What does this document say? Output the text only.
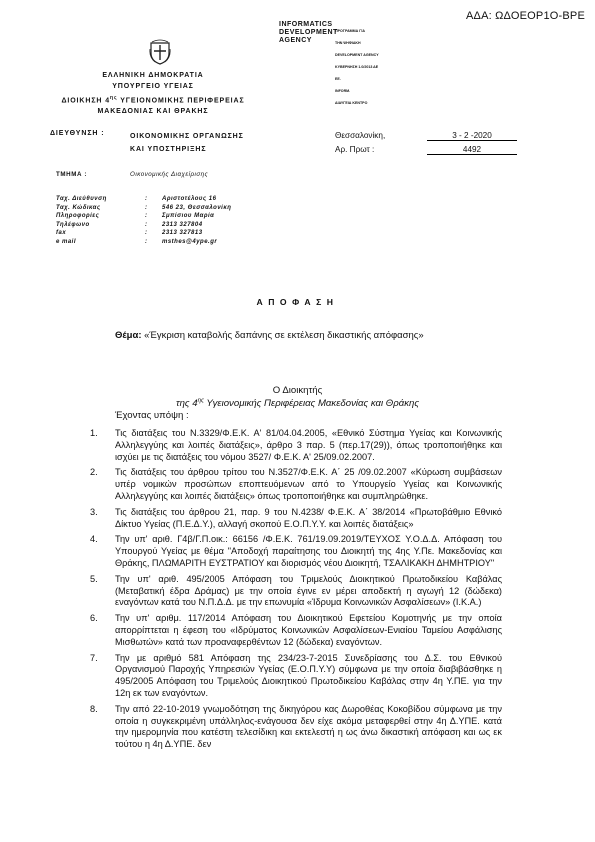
ΑΔΑ: ΩΔΟΕΟΡ1Ο-ΒΡΕ
INFORMATICS
DEVELOPMENT
AGENCY

ΠΡΟΓΡΑΜΜΑ ΓΙΑ

ΤΗΝ ΨΗΦΙΑΚΗ

DEVELOPMENT AGENCY

ΚΥΒΕΡΝΗΣΗ 1.0/2013 ΔΕ

ΕΕ.

INFORM.

ΔΙΑΥΓΕΙΑ ΚΕΝΤΡΟ

ΕΛΛΗΝΙΚΗ ΔΗΜΟΚΡΑΤΙΑ
ΥΠΟΥΡΓΕΙΟ ΥΓΕΙΑΣ
ΔΙΟΙΚΗΣΗ $4^{\eta\varsigma}$ ΥΓΕΙΟΝΟΜΙΚΗΣ ΠΕΡΙΦΕΡΕΙΑΣ
ΜΑΚΕΔΟΝΙΑΣ ΚΑΙ ΘΡΑΚΗΣ
ΔΙΕΥΘΥΝΣΗ :	ΟΙΚΟΝΟΜΙΚΗΣ ΟΡΓΑΝΩΣΗΣ
ΚΑΙ ΥΠΟΣΤΗΡΙΞΗΣ
Θεσσαλονίκη,	3 - 2 -2020
Αρ. Πρωτ :	4492
ΤΜΗΜΑ :	Οικονομικής Διαχείρισης
Ταχ. Διεύθυνση	:	Αριστοτέλους 16
Ταχ. Κώδικας	:	546 23, Θεσσαλονίκη
Πληροφορίες	:	Σμπίσιου Μαρία
Τηλέφωνο	:	2313 327804
fax	:	2313 327813
e mail	:	msthes@4ype.gr
ΑΠΟΦΑΣΗ
Θέμα: «Έγκριση καταβολής δαπάνης σε εκτέλεση δικαστικής απόφασης»
Ο Διοικητής
της $4^{\eta\varsigma}$ Υγειονομικής Περιφέρειας Μακεδονίας και Θράκης
Έχοντας υπόψη :
1. Τις διατάξεις του Ν.3329/Φ.Ε.Κ. Α' 81/04.04.2005, «Εθνικό Σύστημα Υγείας και Κοινωνικής Αλληλεγγύης και λοιπές διατάξεις», άρθρο 3 παρ. 5 (περ.17(29)), όπως τροποποιήθηκε και ισχύει με τις διατάξεις του νόμου 3527/ Φ.Ε.Κ. Α' 25/09.02.2007.
2. Τις διατάξεις του άρθρου τρίτου του Ν.3527/Φ.Ε.Κ. Α΄ 25 /09.02.2007 «Κύρωση συμβάσεων υπέρ νομικών προσώπων εποπτευόμενων από το Υπουργείο Υγείας και Κοινωνικής Αλληλεγγύης και λοιπές διατάξεις» όπως τροποποιήθηκε και συμπληρώθηκε.
3. Τις διατάξεις του άρθρου 21, παρ. 9 του Ν.4238/ Φ.Ε.Κ. Α΄ 38/2014 «Πρωτοβάθμιο Εθνικό Δίκτυο Υγείας (Π.Ε.Δ.Υ.), αλλαγή σκοπού Ε.Ο.Π.Υ.Υ. και λοιπές διατάξεις»
4. Την υπ' αριθ. Γ4β/Γ.Π.οικ.: 66156 /Φ.Ε.Κ. 761/19.09.2019/ΤΕΥΧΟΣ Υ.Ο.Δ.Δ. Απόφαση του Υπουργού Υγείας με θέμα "Αποδοχή παραίτησης του Διοικητή της 4ης Υ.Πε. Μακεδονίας και Θράκης, ΠΛΩΜΑΡΙΤΗ ΕΥΣΤΡΑΤΙΟΥ και διορισμός νέου Διοικητή, ΤΣΑΛΙΚΑΚΗ ΔΗΜΗΤΡΙΟΥ"
5. Την υπ' αριθ. 495/2005 Απόφαση του Τριμελούς Διοικητικού Πρωτοδικείου Καβάλας (Μεταβατική έδρα Δράμας) με την οποία έγινε εν μέρει αποδεκτή η αγωγή 12 (δώδεκα) εναγόντων κατά του Ν.Π.Δ.Δ. με την επωνυμία «Ίδρυμα Κοινωνικών Ασφαλίσεων» (Ι.Κ.Α.)
6. Την υπ' αριθμ. 117/2014 Απόφαση του Διοικητικού Εφετείου Κομοτηνής με την οποία απορρίπτεται η έφεση του «Ιδρύματος Κοινωνικών Ασφαλίσεων-Ενιαίου Ταμείου Ασφάλισης Μισθωτών» κατά των προαναφερθέντων 12 (δώδεκα) εναγόντων.
7. Την με αριθμό 581 Απόφαση της 234/23-7-2015 Συνεδρίασης του Δ.Σ. του Εθνικού Οργανισμού Παροχής Υπηρεσιών Υγείας (Ε.Ο.Π.Υ.Υ) σύμφωνα με την οποία διαβιβάσθηκε η 495/2005 Απόφαση του Τριμελούς Διοικητικού Πρωτοδικείου Καβάλας στην 4η Υ.ΠΕ. για την 12η εκ των εναγόντων.
8. Την από 22-10-2019 γνωμοδότηση της δικηγόρου κας Δωροθέας Κοκοβίδου σύμφωνα με την οποία η συγκεκριμένη υπάλληλος-ενάγουσα δεν είχε ακόμα μεταφερθεί στην 4η Δ.ΥΠΕ. κατά την ημερομηνία που κατέστη τελεσίδικη και εκτελεστή η ως άνω δικαστική απόφαση και ως εκ τούτου η 4η Δ.ΥΠΕ. δεν
